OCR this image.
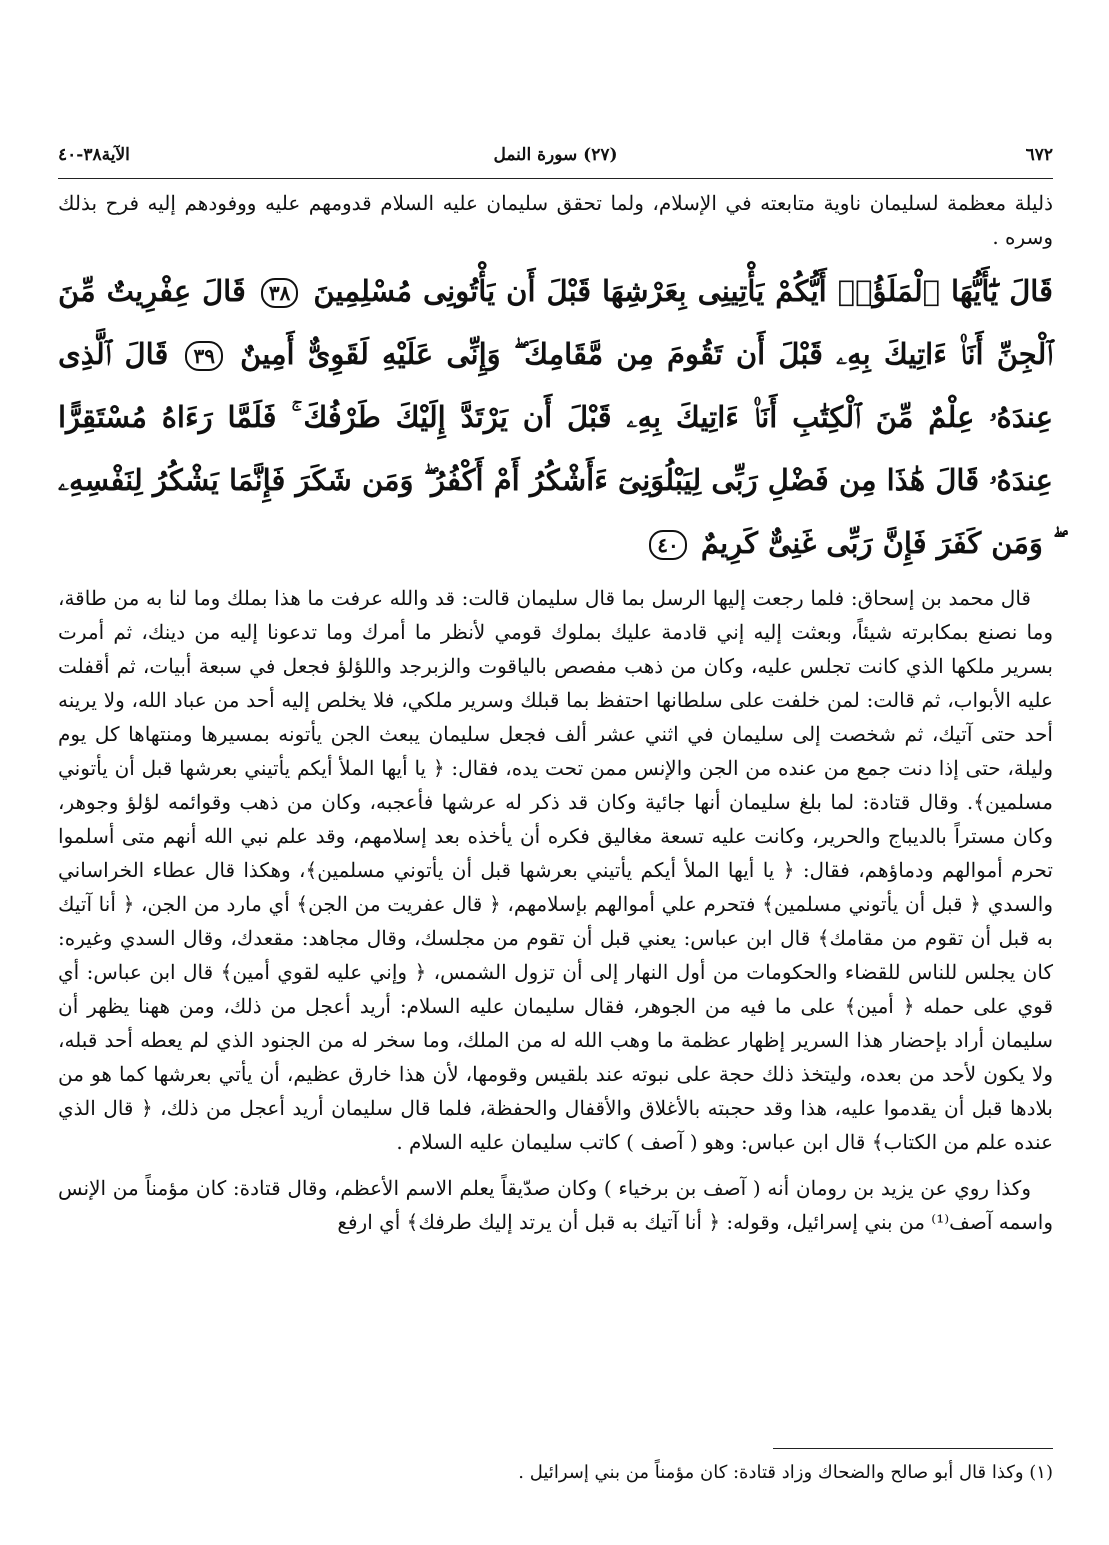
الآية٣٨-٤٠	(٢٧) سورة النمل	٦٧٢

ذليلة معظمة لسليمان ناوية متابعته في الإسلام، ولما تحقق سليمان عليه السلام قدومهم عليه ووفودهم إليه فرح بذلك وسره .

قَالَ يَٰٓأَيُّهَا ٱلْمَلَؤُا۟ أَيُّكُمْ يَأْتِينِى بِعَرْشِهَا قَبْلَ أَن يَأْتُونِى مُسْلِمِينَ ٣٨ قَالَ عِفْرِيتٌ مِّنَ ٱلْجِنِّ أَنَا۠ ءَاتِيكَ بِهِۦ قَبْلَ أَن تَقُومَ مِن مَّقَامِكَ ۖ وَإِنِّى عَلَيْهِ لَقَوِىٌّ أَمِينٌ ٣٩ قَالَ ٱلَّذِى عِندَهُۥ عِلْمٌ مِّنَ ٱلْكِتَٰبِ أَنَا۠ ءَاتِيكَ بِهِۦ قَبْلَ أَن يَرْتَدَّ إِلَيْكَ طَرْفُكَ ۚ فَلَمَّا رَءَاهُ مُسْتَقِرًّا عِندَهُۥ قَالَ هَٰذَا مِن فَضْلِ رَبِّى لِيَبْلُوَنِىٓ ءَأَشْكُرُ أَمْ أَكْفُرُ ۖ وَمَن شَكَرَ فَإِنَّمَا يَشْكُرُ لِنَفْسِهِۦ ۖ وَمَن كَفَرَ فَإِنَّ رَبِّى غَنِىٌّ كَرِيمٌ ٤٠

قال محمد بن إسحاق: فلما رجعت إليها الرسل بما قال سليمان قالت: قد والله عرفت ما هذا بملك وما لنا به من طاقة، وما نصنع بمكابرته شيئاً، وبعثت إليه إني قادمة عليك بملوك قومي لأنظر ما أمرك وما تدعونا إليه من دينك، ثم أمرت بسرير ملكها الذي كانت تجلس عليه، وكان من ذهب مفصص بالياقوت والزبرجد واللؤلؤ فجعل في سبعة أبيات، ثم أقفلت عليه الأبواب، ثم قالت: لمن خلفت على سلطانها احتفظ بما قبلك وسرير ملكي، فلا يخلص إليه أحد من عباد الله، ولا يرينه أحد حتى آتيك، ثم شخصت إلى سليمان في اثني عشر ألف فجعل سليمان يبعث الجن يأتونه بمسيرها ومنتهاها كل يوم وليلة، حتى إذا دنت جمع من عنده من الجن والإنس ممن تحت يده، فقال: ﴿ يا أيها الملأ أيكم يأتيني بعرشها قبل أن يأتوني مسلمين﴾. وقال قتادة: لما بلغ سليمان أنها جائية وكان قد ذكر له عرشها فأعجبه، وكان من ذهب وقوائمه لؤلؤ وجوهر، وكان مستراً بالديباج والحرير، وكانت عليه تسعة مغاليق فكره أن يأخذه بعد إسلامهم، وقد علم نبي الله أنهم متى أسلموا تحرم أموالهم ودماؤهم، فقال: ﴿ يا أيها الملأ أيكم يأتيني بعرشها قبل أن يأتوني مسلمين﴾، وهكذا قال عطاء الخراساني والسدي ﴿ قبل أن يأتوني مسلمين﴾ فتحرم علي أموالهم بإسلامهم، ﴿ قال عفريت من الجن﴾ أي مارد من الجن، ﴿ أنا آتيك به قبل أن تقوم من مقامك﴾ قال ابن عباس: يعني قبل أن تقوم من مجلسك، وقال مجاهد: مقعدك، وقال السدي وغيره: كان يجلس للناس للقضاء والحكومات من أول النهار إلى أن تزول الشمس، ﴿ وإني عليه لقوي أمين﴾ قال ابن عباس: أي قوي على حمله ﴿ أمين﴾ على ما فيه من الجوهر، فقال سليمان عليه السلام: أريد أعجل من ذلك، ومن ههنا يظهر أن سليمان أراد بإحضار هذا السرير إظهار عظمة ما وهب الله له من الملك، وما سخر له من الجنود الذي لم يعطه أحد قبله، ولا يكون لأحد من بعده، وليتخذ ذلك حجة على نبوته عند بلقيس وقومها، لأن هذا خارق عظيم، أن يأتي بعرشها كما هو من بلادها قبل أن يقدموا عليه، هذا وقد حجبته بالأغلاق والأقفال والحفظة، فلما قال سليمان أريد أعجل من ذلك، ﴿ قال الذي عنده علم من الكتاب﴾ قال ابن عباس: وهو ( آصف ) كاتب سليمان عليه السلام .

وكذا روي عن يزيد بن رومان أنه ( آصف بن برخياء ) وكان صدّيقاً يعلم الاسم الأعظم، وقال قتادة: كان مؤمناً من الإنس واسمه آصف⁽¹⁾ من بني إسرائيل، وقوله: ﴿ أنا آتيك به قبل أن يرتد إليك طرفك﴾ أي ارفع

(١) وكذا قال أبو صالح والضحاك وزاد قتادة: كان مؤمناً من بني إسرائيل .
